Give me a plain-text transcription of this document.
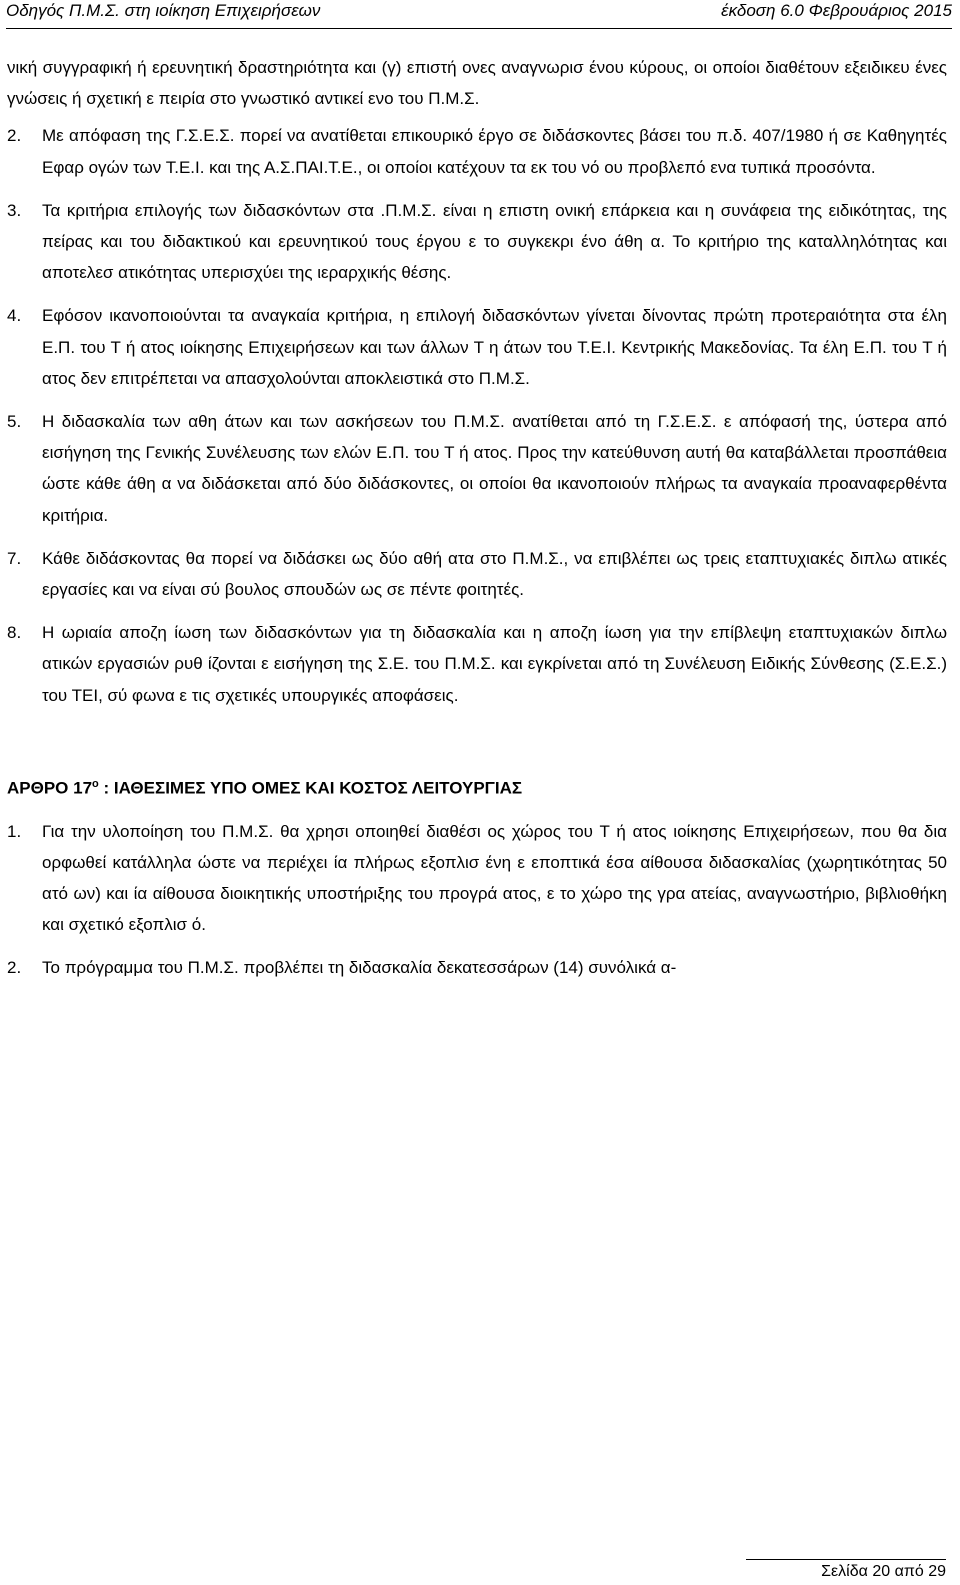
Οδηγός Π.Μ.Σ. στη ιοίκηση Επιχειρήσεων	έκδοση 6.0 Φεβρουάριος 2015

νική συγγραφική ή ερευνητική δραστηριότητα και (γ) επιστή ονες αναγνωρισ ένου κύρους, οι οποίοι διαθέτουν εξειδικευ ένες γνώσεις ή σχετική ε πειρία στο γνωστικό αντικεί ενο του Π.Μ.Σ.

2.	Με απόφαση της Γ.Σ.Ε.Σ. πορεί να ανατίθεται επικουρικό έργο σε διδάσκοντες βάσει του π.δ. 407/1980 ή σε Καθηγητές Εφαρ ογών των Τ.Ε.Ι. και της Α.Σ.ΠΑΙ.Τ.Ε., οι οποίοι κατέχουν τα εκ του νό ου προβλεπό ενα τυπικά προσόντα.
3.	Τα κριτήρια επιλογής των διδασκόντων στα .Π.Μ.Σ. είναι η επιστη ονική επάρκεια και η συνάφεια της ειδικότητας, της πείρας και του διδακτικού και ερευνητικού τους έργου ε το συγκεκρι ένο άθη α. Το κριτήριο της καταλληλότητας και αποτελεσ ατικότητας υπερισχύει της ιεραρχικής θέσης.
4.	Εφόσον ικανοποιούνται τα αναγκαία κριτήρια, η επιλογή διδασκόντων γίνεται δίνοντας πρώτη προτεραιότητα στα έλη Ε.Π. του Τ ή ατος ιοίκησης Επιχειρήσεων και των άλλων Τ η άτων του Τ.Ε.Ι. Κεντρικής Μακεδονίας. Τα έλη Ε.Π. του Τ ή ατος δεν επιτρέπεται να απασχολούνται αποκλειστικά στο Π.Μ.Σ.
5.	Η διδασκαλία των αθη άτων και των ασκήσεων του Π.Μ.Σ. ανατίθεται από τη Γ.Σ.Ε.Σ. ε απόφασή της, ύστερα από εισήγηση της Γενικής Συνέλευσης των ελών Ε.Π. του Τ ή ατος. Προς την κατεύθυνση αυτή θα καταβάλλεται προσπάθεια ώστε κάθε άθη α να διδάσκεται από δύο διδάσκοντες, οι οποίοι θα ικανοποιούν πλήρως τα αναγκαία προαναφερθέντα κριτήρια.
7.	Κάθε διδάσκοντας θα πορεί να διδάσκει ως δύο αθή ατα στο Π.Μ.Σ., να επιβλέπει ως τρεις εταπτυχιακές διπλω ατικές εργασίες και να είναι σύ βουλος σπουδών ως σε πέντε φοιτητές.
8.	Η ωριαία αποζη ίωση των διδασκόντων για τη διδασκαλία και η αποζη ίωση για την επίβλεψη εταπτυχιακών διπλω ατικών εργασιών ρυθ ίζονται ε εισήγηση της Σ.Ε. του Π.Μ.Σ. και εγκρίνεται από τη Συνέλευση Ειδικής Σύνθεσης (Σ.Ε.Σ.) του ΤΕΙ, σύ φωνα ε τις σχετικές υπουργικές αποφάσεις.
ΑΡΘΡΟ $17^o$ : ΙΑΘΕΣΙΜΕΣ ΥΠΟ ΟΜΕΣ ΚΑΙ ΚΟΣΤΟΣ ΛΕΙΤΟΥΡΓΙΑΣ
1.	Για την υλοποίηση του Π.Μ.Σ. θα χρησι οποιηθεί διαθέσι ος χώρος του Τ ή ατος ιοίκησης Επιχειρήσεων, που θα δια ορφωθεί κατάλληλα ώστε να περιέχει ία πλήρως εξοπλισ ένη ε εποπτικά έσα αίθουσα διδασκαλίας (χωρητικότητας 50 ατό ων) και ία αίθουσα διοικητικής υποστήριξης του προγρά ατος, ε το χώρο της γρα ατείας, αναγνωστήριο, βιβλιοθήκη και σχετικό εξοπλισ ό.
2.	Το πρόγραμμα του Π.Μ.Σ. προβλέπει τη διδασκαλία δεκατεσσάρων (14) συνόλικά α-
Σελίδα 20 από 29
